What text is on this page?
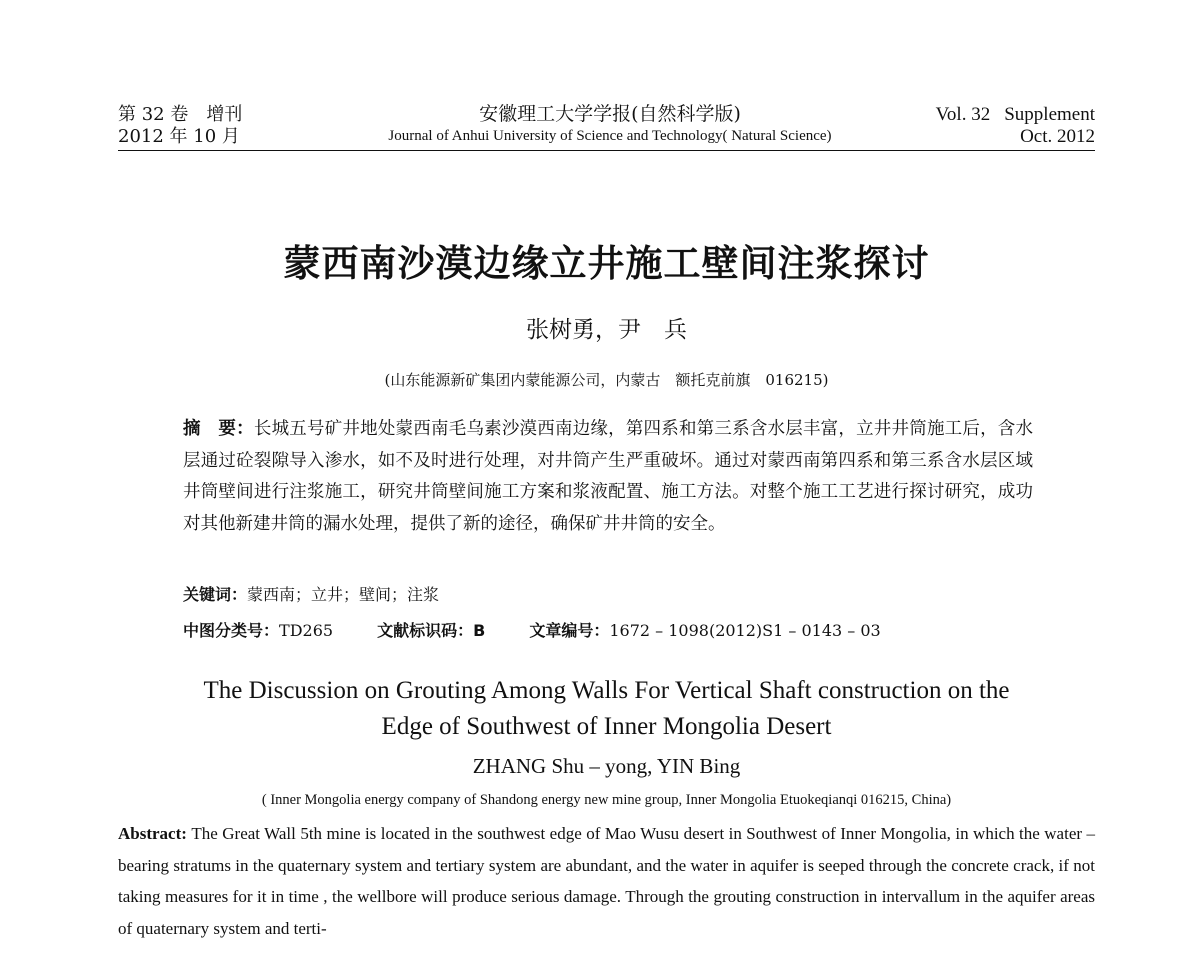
第 32 卷　增刊
2012 年 10 月
安徽理工大学学报(自然科学版)
Journal of Anhui University of Science and Technology( Natural Science)
Vol. 32 Supplement
Oct. 2012
蒙西南沙漠边缘立井施工壁间注浆探讨
张树勇，尹　兵
(山东能源新矿集团内蒙能源公司，内蒙古　额托克前旗　016215)
摘　要：长城五号矿井地处蒙西南毛乌素沙漠西南边缘，第四系和第三系含水层丰富，立井井筒施工后，含水层通过砼裂隙导入渗水，如不及时进行处理，对井筒产生严重破坏。通过对蒙西南第四系和第三系含水层区域井筒壁间进行注浆施工，研究井筒壁间施工方案和浆液配置、施工方法。对整个施工工艺进行探讨研究，成功对其他新建井筒的漏水处理，提供了新的途径，确保矿井井筒的安全。
关键词：蒙西南；立井；壁间；注浆
中图分类号：TD265	文献标识码：B	文章编号：1672 – 1098(2012)S1 – 0143 – 03
The Discussion on Grouting Among Walls For Vertical Shaft construction on the
Edge of Southwest of Inner Mongolia Desert
ZHANG Shu – yong, YIN Bing
( Inner Mongolia energy company of Shandong energy new mine group, Inner Mongolia Etuokeqianqi 016215, China)
Abstract: The Great Wall 5th mine is located in the southwest edge of Mao Wusu desert in Southwest of Inner Mongolia, in which the water – bearing stratums in the quaternary system and tertiary system are abundant, and the water in aquifer is seeped through the concrete crack, if not taking measures for it in time , the wellbore will produce serious damage. Through the grouting construction in intervallum in the aquifer areas of quaternary system and terti-
